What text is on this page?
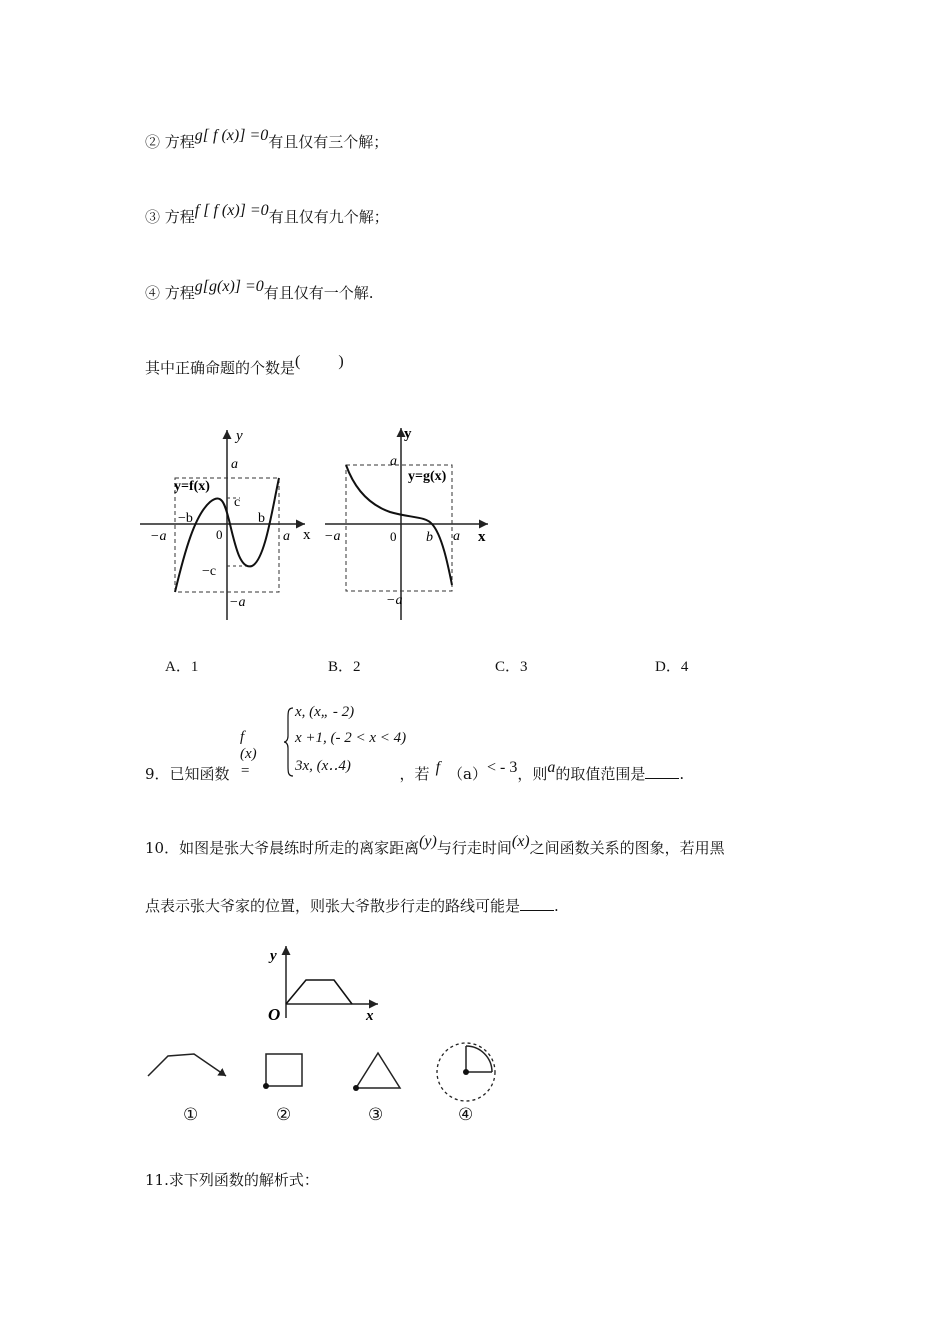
② 方程g[ f (x)] =0有且仅有三个解；
③ 方程f [ f (x)] =0有且仅有九个解；
④ 方程g[g(x)] =0有且仅有一个解.
其中正确命题的个数是( )
y
x
a
−a
−a	a
c
−c
b
−b
0
y=f(x)
y
x
a
−a
−a	a
b
0
y=g(x)
A．1	B．2	C．3	D．4
f (x) =
x, (x„ - 2)
x +1, (- 2 < x < 4)
3x, (x‥4)
9．已知函数	，若 f （a）< - 3，则a的取值范围是 .
10．如图是张大爷晨练时所走的离家距离(y)与行走时间(x)之间函数关系的图象，若用黑
点表示张大爷家的位置，则张大爷散步行走的路线可能是 .
y
x
O
①	②	③	④
11.求下列函数的解析式：
